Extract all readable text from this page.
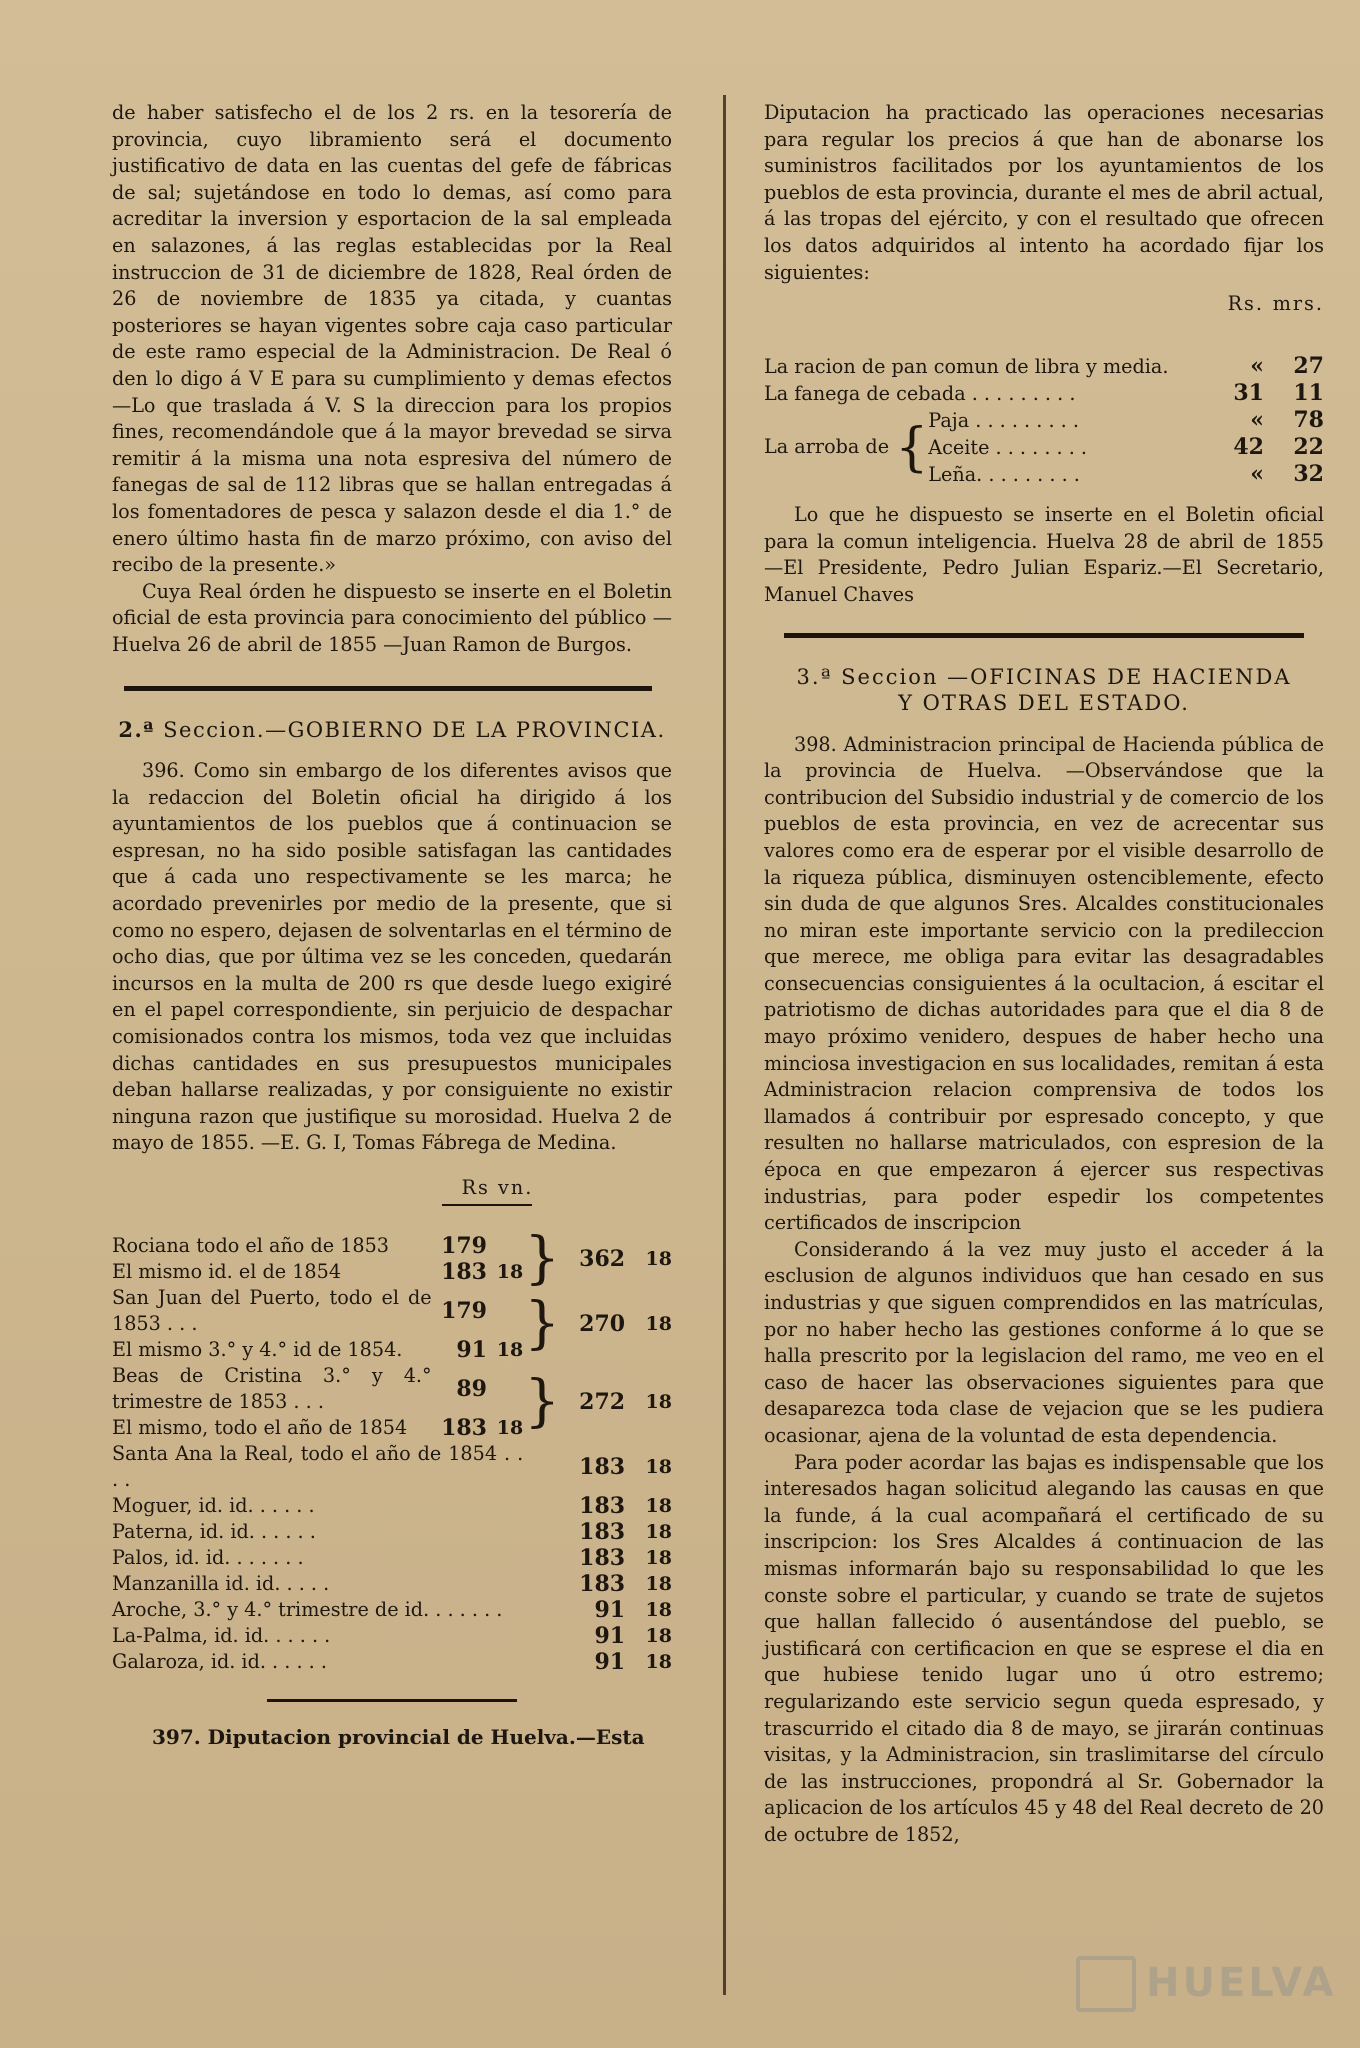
de haber satisfecho el de los 2 rs. en la tesorería de provincia, cuyo libramiento será el documento justificativo de data en las cuentas del gefe de fábricas de sal; sujetándose en todo lo demas, así como para acreditar la inversion y esportacion de la sal empleada en salazones, á las reglas establecidas por la Real instruccion de 31 de diciembre de 1828, Real órden de 26 de noviembre de 1835 ya citada, y cuantas posteriores se hayan vigentes sobre caja caso particular de este ramo especial de la Administracion. De Real ó den lo digo á V E para su cumplimiento y demas efectos —Lo que traslada á V. S la direccion para los propios fines, recomendándole que á la mayor brevedad se sirva remitir á la misma una nota espresiva del número de fanegas de sal de 112 libras que se hallan entregadas á los fomentadores de pesca y salazon desde el dia 1.° de enero último hasta fin de marzo próximo, con aviso del recibo de la presente.»

Cuya Real órden he dispuesto se inserte en el Boletin oficial de esta provincia para conocimiento del público —Huelva 26 de abril de 1855 —Juan Ramon de Burgos.

2.ª Seccion.—GOBIERNO DE LA PROVINCIA.

396. Como sin embargo de los diferentes avisos que la redaccion del Boletin oficial ha dirigido á los ayuntamientos de los pueblos que á continuacion se espresan, no ha sido posible satisfagan las cantidades que á cada uno respectivamente se les marca; he acordado prevenirles por medio de la presente, que si como no espero, dejasen de solventarlas en el término de ocho dias, que por última vez se les conceden, quedarán incursos en la multa de 200 rs que desde luego exigiré en el papel correspondiente, sin perjuicio de despachar comisionados contra los mismos, toda vez que incluidas dichas cantidades en sus presupuestos municipales deban hallarse realizadas, y por consiguiente no existir ninguna razon que justifique su morosidad. Huelva 2 de mayo de 1855. —E. G. I, Tomas Fábrega de Medina.

	Rs vn.				

Rociana todo el año de 1853	179		}	362	18
El mismo id. el de 1854	183	18			
San Juan del Puerto, todo el de 1853 . . .	179		}	270	18
El mismo 3.° y 4.° id de 1854.	91	18			
Beas de Cristina 3.° y 4.° trimestre de 1853 . . .	89		}	272	18
El mismo, todo el año de 1854	183	18			
Santa Ana la Real, todo el año de 1854 . . . .				183	18
Moguer, id. id. . . . . .				183	18
Paterna, id. id. . . . . .				183	18
Palos, id. id. . . . . . .				183	18
Manzanilla id. id. . . . .				183	18
Aroche, 3.° y 4.° trimestre de id. . . . . . .				91	18
La-Palma, id. id. . . . . .				91	18
Galaroza, id. id. . . . . .				91	18

397. Diputacion provincial de Huelva.—Esta

Diputacion ha practicado las operaciones necesarias para regular los precios á que han de abonarse los suministros facilitados por los ayuntamientos de los pueblos de esta provincia, durante el mes de abril actual, á las tropas del ejército, y con el resultado que ofrecen los datos adquiridos al intento ha acordado fijar los siguientes:

		Rs.	mrs.

La racion de pan comun de libra y media.		«	27
La fanega de cebada . . . . . . . . .		31	11
La arroba de {	Paja . . . . . . . . .	«	78
	Aceite . . . . . . . .	42	22
	Leña. . . . . . . . .	«	32

Lo que he dispuesto se inserte en el Boletin oficial para la comun inteligencia. Huelva 28 de abril de 1855 —El Presidente, Pedro Julian Espariz.—El Secretario, Manuel Chaves

3.ª Seccion —OFICINAS DE HACIENDA
Y OTRAS DEL ESTADO.

398. Administracion principal de Hacienda pública de la provincia de Huelva. —Observándose que la contribucion del Subsidio industrial y de comercio de los pueblos de esta provincia, en vez de acrecentar sus valores como era de esperar por el visible desarrollo de la riqueza pública, disminuyen ostenciblemente, efecto sin duda de que algunos Sres. Alcaldes constitucionales no miran este importante servicio con la predileccion que merece, me obliga para evitar las desagradables consecuencias consiguientes á la ocultacion, á escitar el patriotismo de dichas autoridades para que el dia 8 de mayo próximo venidero, despues de haber hecho una minciosa investigacion en sus localidades, remitan á esta Administracion relacion comprensiva de todos los llamados á contribuir por espresado concepto, y que resulten no hallarse matriculados, con espresion de la época en que empezaron á ejercer sus respectivas industrias, para poder espedir los competentes certificados de inscripcion

Considerando á la vez muy justo el acceder á la esclusion de algunos individuos que han cesado en sus industrias y que siguen comprendidos en las matrículas, por no haber hecho las gestiones conforme á lo que se halla prescrito por la legislacion del ramo, me veo en el caso de hacer las observaciones siguientes para que desaparezca toda clase de vejacion que se les pudiera ocasionar, ajena de la voluntad de esta dependencia.

Para poder acordar las bajas es indispensable que los interesados hagan solicitud alegando las causas en que la funde, á la cual acompañará el certificado de su inscripcion: los Sres Alcaldes á continuacion de las mismas informarán bajo su responsabilidad lo que les conste sobre el particular, y cuando se trate de sujetos que hallan fallecido ó ausentándose del pueblo, se justificará con certificacion en que se esprese el dia en que hubiese tenido lugar uno ú otro estremo; regularizando este servicio segun queda espresado, y trascurrido el citado dia 8 de mayo, se jirarán continuas visitas, y la Administracion, sin traslimitarse del círculo de las instrucciones, propondrá al Sr. Gobernador la aplicacion de los artículos 45 y 48 del Real decreto de 20 de octubre de 1852,

HUELVA
